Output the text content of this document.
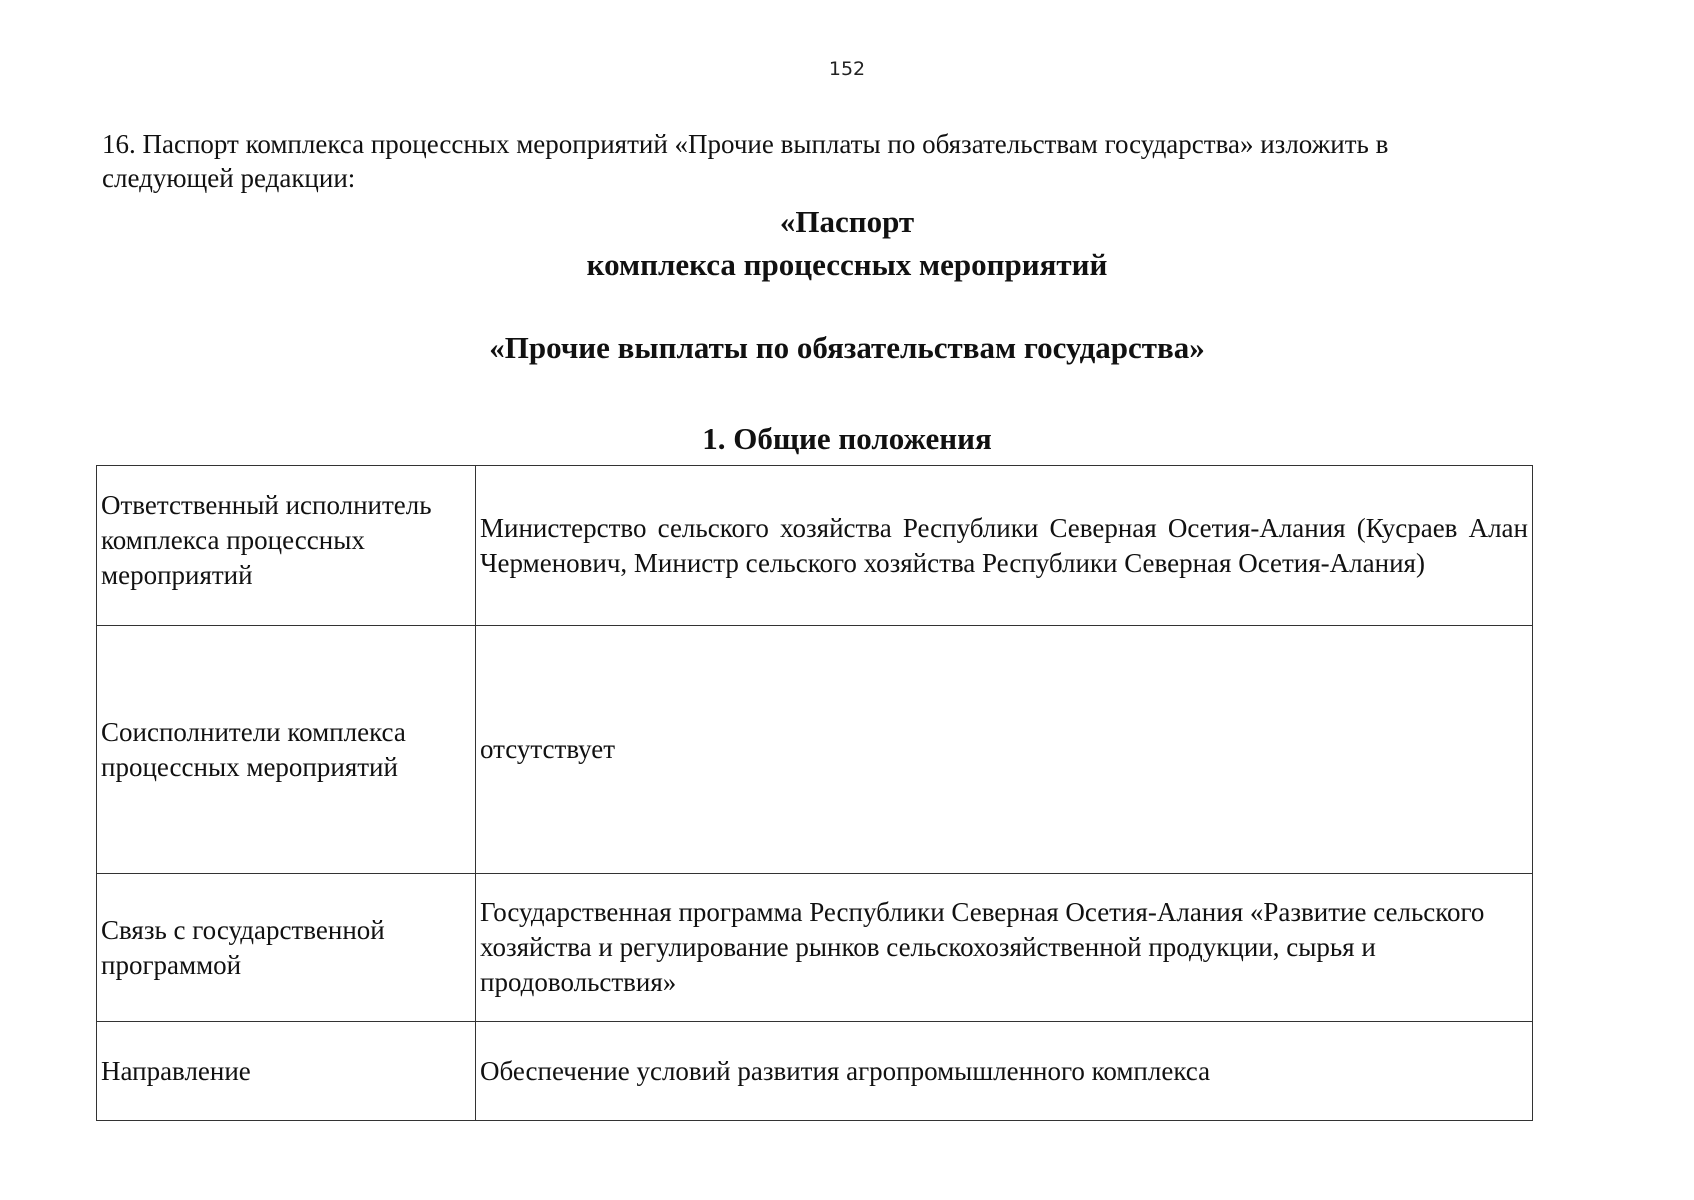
152
16. Паспорт комплекса процессных мероприятий «Прочие выплаты по обязательствам государства» изложить в следующей редакции:
«Паспорт
комплекса процессных мероприятий
«Прочие выплаты по обязательствам государства»
1. Общие положения
Ответственный исполнитель комплекса процессных мероприятий	Министерство сельского хозяйства Республики Северная Осетия-Алания (Кусраев Алан Черменович, Министр сельского хозяйства Республики Северная Осетия-Алания)
Соисполнители комплекса процессных мероприятий	отсутствует
Связь с государственной программой	Государственная программа Республики Северная Осетия-Алания «Развитие сельского хозяйства и регулирование рынков сельскохозяйственной продукции, сырья и продовольствия»
Направление	Обеспечение условий развития агропромышленного комплекса
